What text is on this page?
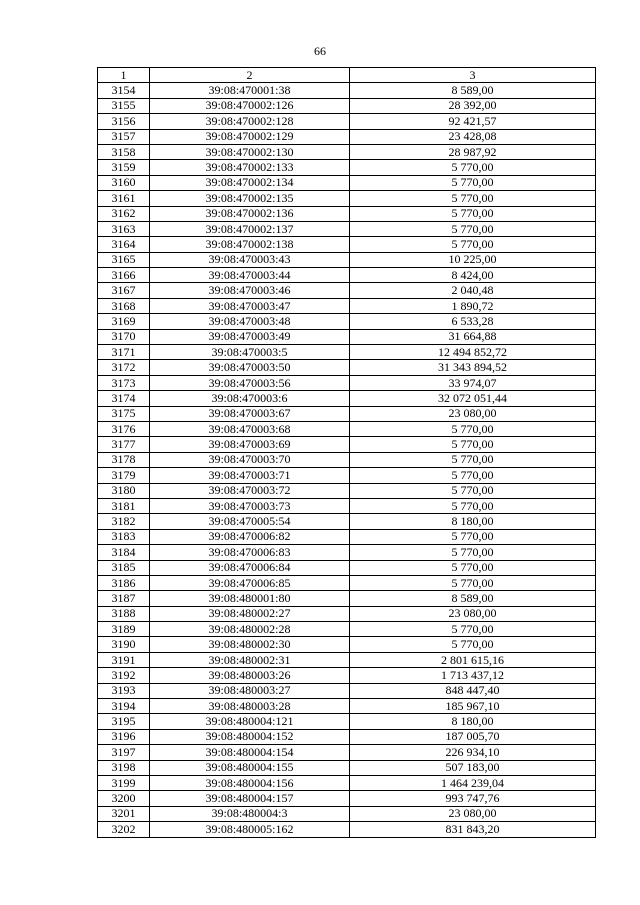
66
1	2	3
3154	39:08:470001:38	8 589,00
3155	39:08:470002:126	28 392,00
3156	39:08:470002:128	92 421,57
3157	39:08:470002:129	23 428,08
3158	39:08:470002:130	28 987,92
3159	39:08:470002:133	5 770,00
3160	39:08:470002:134	5 770,00
3161	39:08:470002:135	5 770,00
3162	39:08:470002:136	5 770,00
3163	39:08:470002:137	5 770,00
3164	39:08:470002:138	5 770,00
3165	39:08:470003:43	10 225,00
3166	39:08:470003:44	8 424,00
3167	39:08:470003:46	2 040,48
3168	39:08:470003:47	1 890,72
3169	39:08:470003:48	6 533,28
3170	39:08:470003:49	31 664,88
3171	39:08:470003:5	12 494 852,72
3172	39:08:470003:50	31 343 894,52
3173	39:08:470003:56	33 974,07
3174	39:08:470003:6	32 072 051,44
3175	39:08:470003:67	23 080,00
3176	39:08:470003:68	5 770,00
3177	39:08:470003:69	5 770,00
3178	39:08:470003:70	5 770,00
3179	39:08:470003:71	5 770,00
3180	39:08:470003:72	5 770,00
3181	39:08:470003:73	5 770,00
3182	39:08:470005:54	8 180,00
3183	39:08:470006:82	5 770,00
3184	39:08:470006:83	5 770,00
3185	39:08:470006:84	5 770,00
3186	39:08:470006:85	5 770,00
3187	39:08:480001:80	8 589,00
3188	39:08:480002:27	23 080,00
3189	39:08:480002:28	5 770,00
3190	39:08:480002:30	5 770,00
3191	39:08:480002:31	2 801 615,16
3192	39:08:480003:26	1 713 437,12
3193	39:08:480003:27	848 447,40
3194	39:08:480003:28	185 967,10
3195	39:08:480004:121	8 180,00
3196	39:08:480004:152	187 005,70
3197	39:08:480004:154	226 934,10
3198	39:08:480004:155	507 183,00
3199	39:08:480004:156	1 464 239,04
3200	39:08:480004:157	993 747,76
3201	39:08:480004:3	23 080,00
3202	39:08:480005:162	831 843,20
